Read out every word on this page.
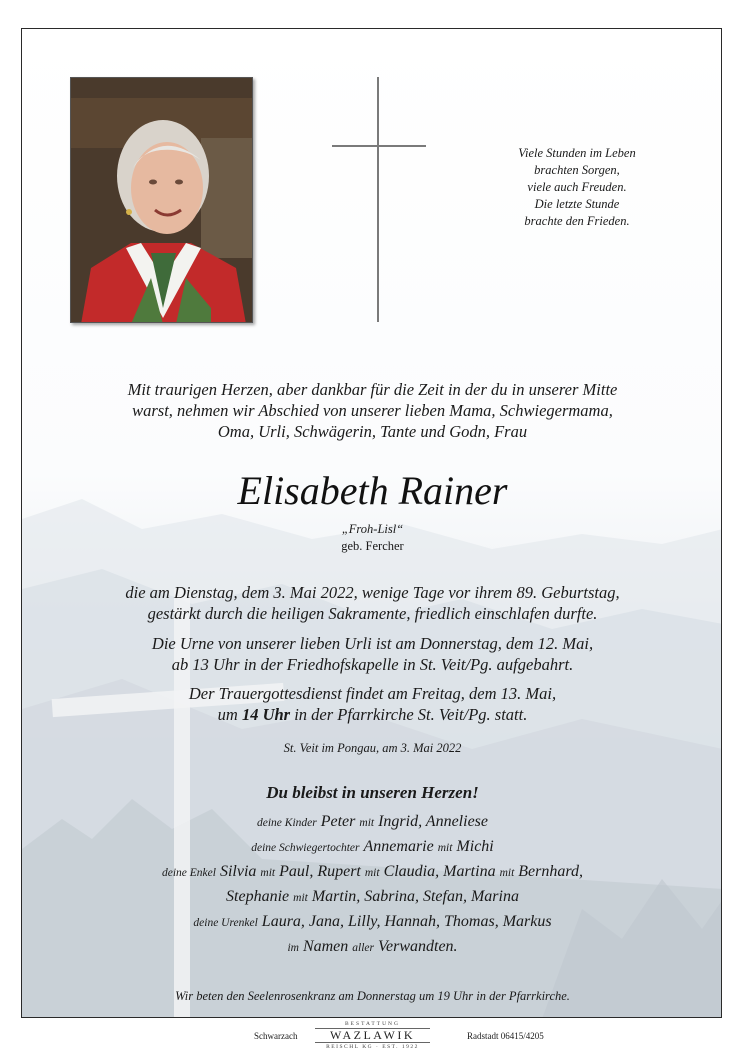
Viele Stunden im Leben
brachten Sorgen,
viele auch Freuden.
Die letzte Stunde
brachte den Frieden.
Mit traurigen Herzen, aber dankbar für die Zeit in der du in unserer Mitte
warst, nehmen wir Abschied von unserer lieben Mama, Schwiegermama,
Oma, Urli, Schwägerin, Tante und Godn, Frau
Elisabeth Rainer
„Froh-Lisl“
geb. Fercher
die am Dienstag, dem 3. Mai 2022, wenige Tage vor ihrem 89. Geburtstag,
gestärkt durch die heiligen Sakramente, friedlich einschlafen durfte.
Die Urne von unserer lieben Urli ist am Donnerstag, dem 12. Mai,
ab 13 Uhr in der Friedhofskapelle in St. Veit/Pg. aufgebahrt.
Der Trauergottesdienst findet am Freitag, dem 13. Mai,
um 14 Uhr in der Pfarrkirche St. Veit/Pg. statt.
St. Veit im Pongau, am 3. Mai 2022
Du bleibst in unseren Herzen!
deine Kinder Peter mit Ingrid, Anneliese
deine Schwiegertochter Annemarie mit Michi
deine Enkel Silvia mit Paul, Rupert mit Claudia, Martina mit Bernhard,
Stephanie mit Martin, Sabrina, Stefan, Marina
deine Urenkel Laura, Jana, Lilly, Hannah, Thomas, Markus
im Namen aller Verwandten.
Wir beten den Seelenrosenkranz am Donnerstag um 19 Uhr in der Pfarrkirche.
Schwarzach
BESTATTUNG
WAZLAWIK
REISCHL KG · EST. 1922
Radstadt 06415/4205
